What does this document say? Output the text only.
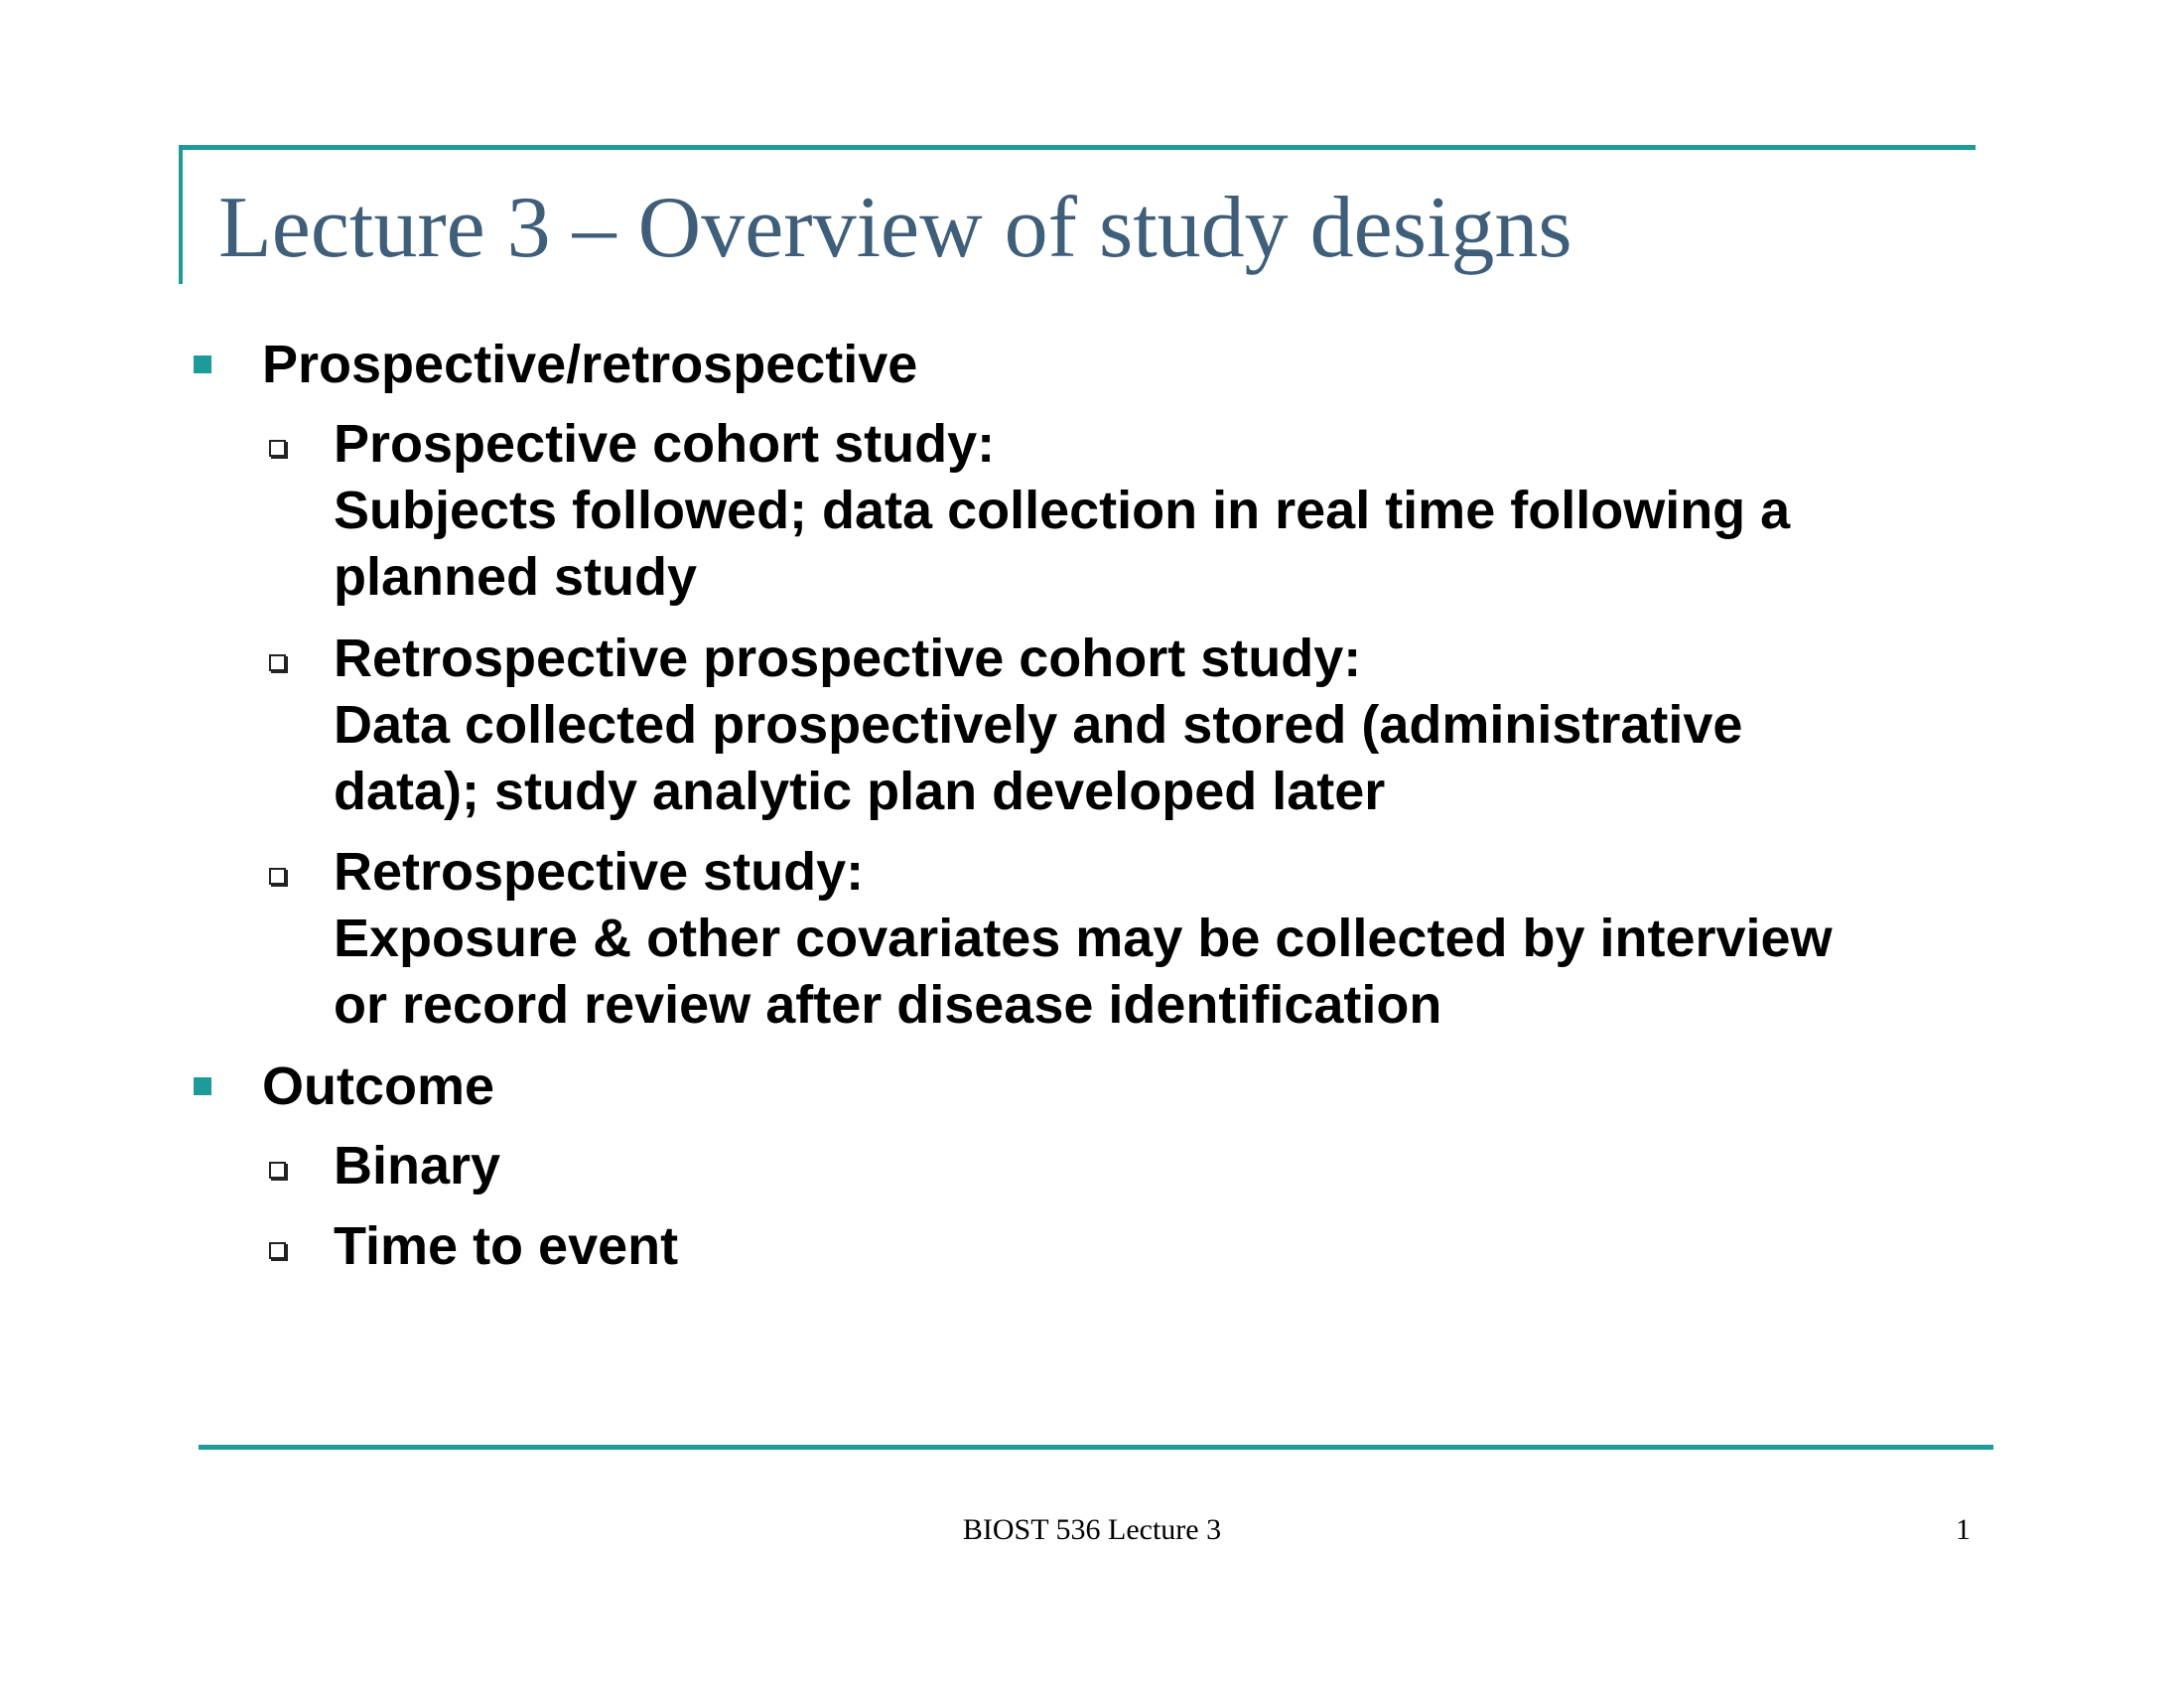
Lecture 3 – Overview of study designs
Prospective/retrospective
Prospective cohort study:
Subjects followed; data collection in real time following a
planned study
Retrospective prospective cohort study:
Data collected prospectively and stored (administrative
data); study analytic plan developed later
Retrospective study:
Exposure & other covariates may be collected by interview
or record review after disease identification
Outcome
Binary
Time to event
BIOST 536 Lecture 3	1
